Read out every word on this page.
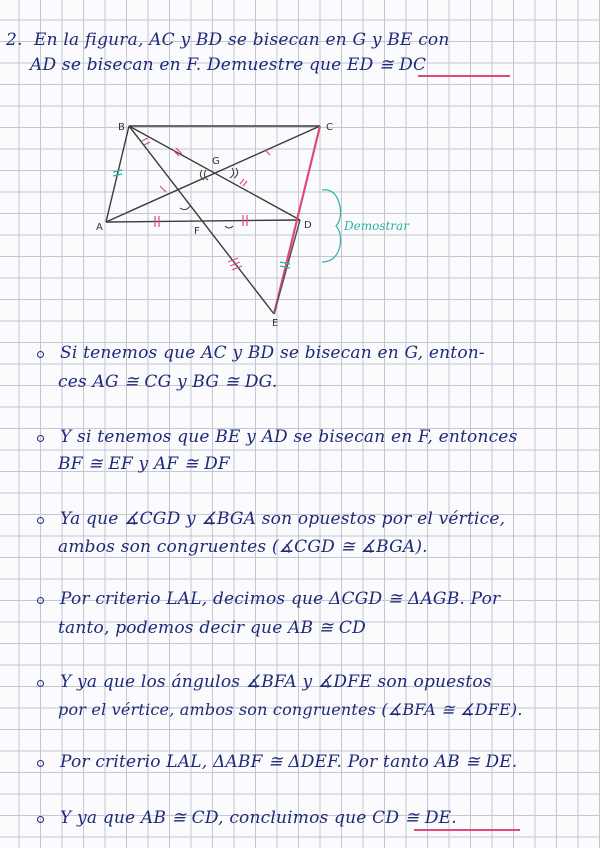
2. En la figura, AC y BD se bisecan en G y BE con
AD se bisecan en F. Demuestre que ED ≅ DC
B	C
A	D
F
G
E
Demostrar
Si tenemos que AC y BD se bisecan en G, enton-
ces AG ≅ CG y BG ≅ DG.
Y si tenemos que BE y AD se bisecan en F, entonces
BF ≅ EF y AF ≅ DF
Ya que ∡CGD y ∡BGA son opuestos por el vértice,
ambos son congruentes (∡CGD ≅ ∡BGA).
Por criterio LAL, decimos que ΔCGD ≅ ΔAGB. Por
tanto, podemos decir que AB ≅ CD
Y ya que los ángulos ∡BFA y ∡DFE son opuestos
por el vértice, ambos son congruentes (∡BFA ≅ ∡DFE).
Por criterio LAL, ΔABF ≅ ΔDEF. Por tanto AB ≅ DE.
Y ya que AB ≅ CD, concluimos que CD ≅ DE.
